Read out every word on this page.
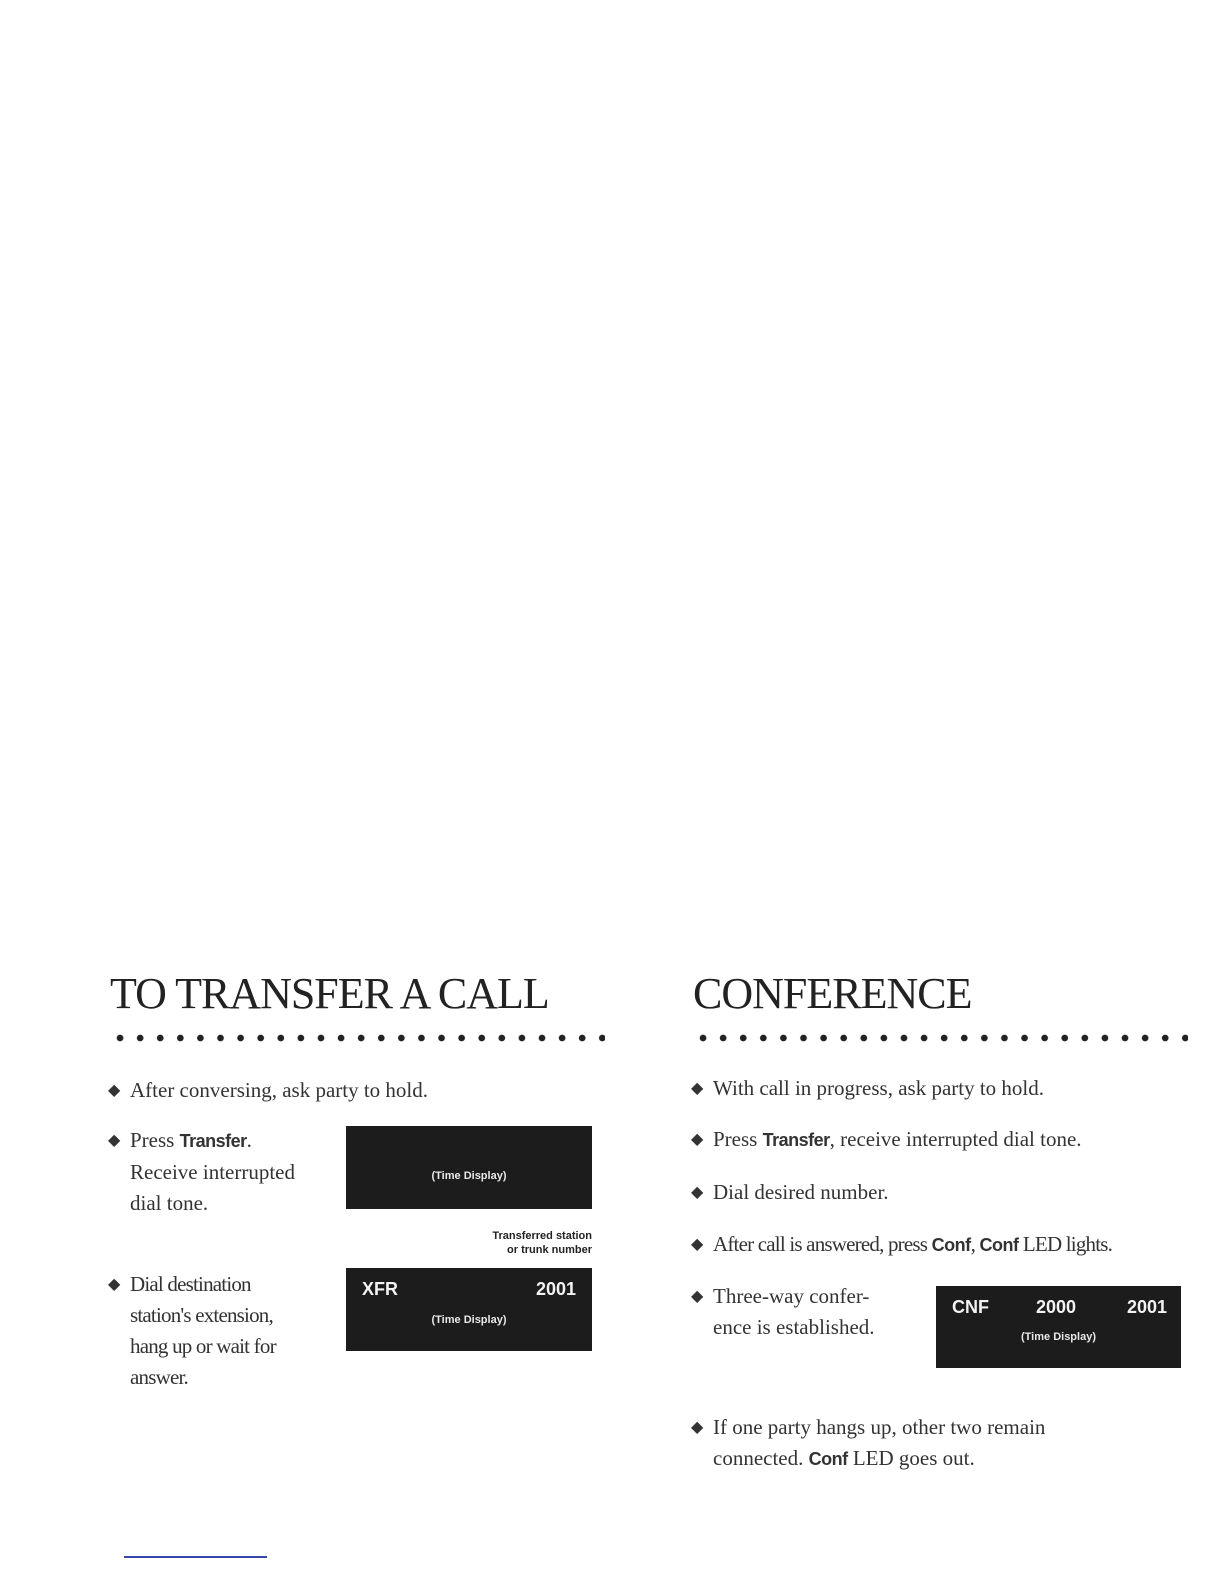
TO TRANSFER A CALL
◆ After conversing, ask party to hold.
◆ Press Transfer.
Receive interrupted
dial tone.
(Time Display)
Transferred station
or trunk number
XFR	2001
(Time Display)
◆ Dial destination
station's extension,
hang up or wait for
answer.
CONFERENCE
◆ With call in progress, ask party to hold.
◆ Press Transfer, receive interrupted dial tone.
◆ Dial desired number.
◆ After call is answered, press Conf, Conf LED lights.
◆ Three-way confer-
ence is established.
CNF	2000	2001
(Time Display)
◆ If one party hangs up, other two remain
connected. Conf LED goes out.
